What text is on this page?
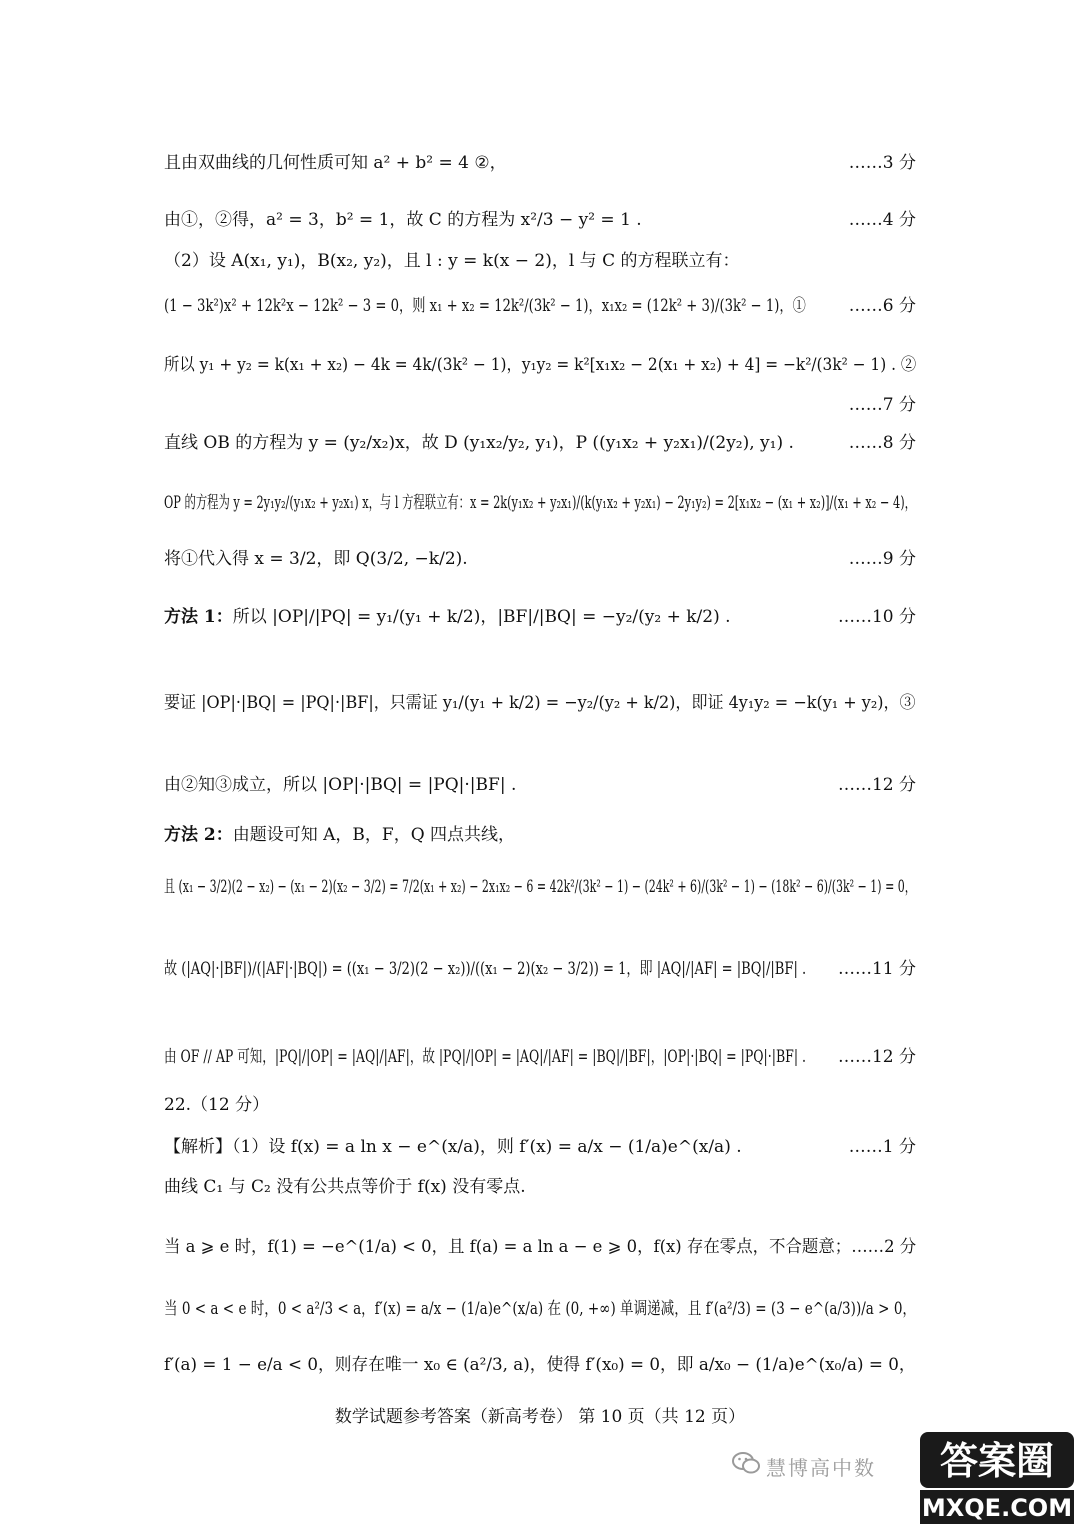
且由双曲线的几何性质可知 a² + b² = 4 ②，	……3 分
由①，②得，a² = 3，b² = 1，故 C 的方程为 x²/3 − y² = 1 .	……4 分
（2）设 A(x₁, y₁)，B(x₂, y₂)，且 l : y = k(x − 2)，l 与 C 的方程联立有：
(1 − 3k²)x² + 12k²x − 12k² − 3 = 0，则 x₁ + x₂ = 12k²/(3k² − 1)，x₁x₂ = (12k² + 3)/(3k² − 1)，①	……6 分
所以 y₁ + y₂ = k(x₁ + x₂) − 4k = 4k/(3k² − 1)，y₁y₂ = k²[x₁x₂ − 2(x₁ + x₂) + 4] = −k²/(3k² − 1) . ②
……7 分
直线 OB 的方程为 y = (y₂/x₂)x，故 D (y₁x₂/y₂, y₁)，P ((y₁x₂ + y₂x₁)/(2y₂), y₁) .	……8 分
OP 的方程为 y = 2y₁y₂/(y₁x₂ + y₂x₁) x，与 l 方程联立有：x = 2k(y₁x₂ + y₂x₁)/(k(y₁x₂ + y₂x₁) − 2y₁y₂) = 2[x₁x₂ − (x₁ + x₂)]/(x₁ + x₂ − 4)，
将①代入得 x = 3/2，即 Q(3/2, −k/2).	……9 分
方法 1：所以 |OP|/|PQ| = y₁/(y₁ + k/2)，|BF|/|BQ| = −y₂/(y₂ + k/2) .	……10 分
要证 |OP|·|BQ| = |PQ|·|BF|，只需证 y₁/(y₁ + k/2) = −y₂/(y₂ + k/2)，即证 4y₁y₂ = −k(y₁ + y₂)，③
由②知③成立，所以 |OP|·|BQ| = |PQ|·|BF| .	……12 分
方法 2：由题设可知 A，B，F，Q 四点共线，
且 (x₁ − 3/2)(2 − x₂) − (x₁ − 2)(x₂ − 3/2) = 7/2(x₁ + x₂) − 2x₁x₂ − 6 = 42k²/(3k² − 1) − (24k² + 6)/(3k² − 1) − (18k² − 6)/(3k² − 1) = 0，
故 (|AQ|·|BF|)/(|AF|·|BQ|) = ((x₁ − 3/2)(2 − x₂))/((x₁ − 2)(x₂ − 3/2)) = 1，即 |AQ|/|AF| = |BQ|/|BF| .	……11 分
由 OF // AP 可知，|PQ|/|OP| = |AQ|/|AF|，故 |PQ|/|OP| = |AQ|/|AF| = |BQ|/|BF|，|OP|·|BQ| = |PQ|·|BF| .	……12 分
22.（12 分）
【解析】（1）设 f(x) = a ln x − e^(x/a)，则 f′(x) = a/x − (1/a)e^(x/a) .	……1 分
曲线 C₁ 与 C₂ 没有公共点等价于 f(x) 没有零点.
当 a ⩾ e 时，f(1) = −e^(1/a) < 0，且 f(a) = a ln a − e ⩾ 0，f(x) 存在零点，不合题意；……2 分
当 0 < a < e 时，0 < a²/3 < a，f′(x) = a/x − (1/a)e^(x/a) 在 (0, +∞) 单调递减，且 f′(a²/3) = (3 − e^(a/3))/a > 0，
f′(a) = 1 − e/a < 0，则存在唯一 x₀ ∈ (a²/3, a)，使得 f′(x₀) = 0，即 a/x₀ − (1/a)e^(x₀/a) = 0，
数学试题参考答案（新高考卷） 第 10 页（共 12 页）
慧博高中数 答案圈
MXQE.COM
